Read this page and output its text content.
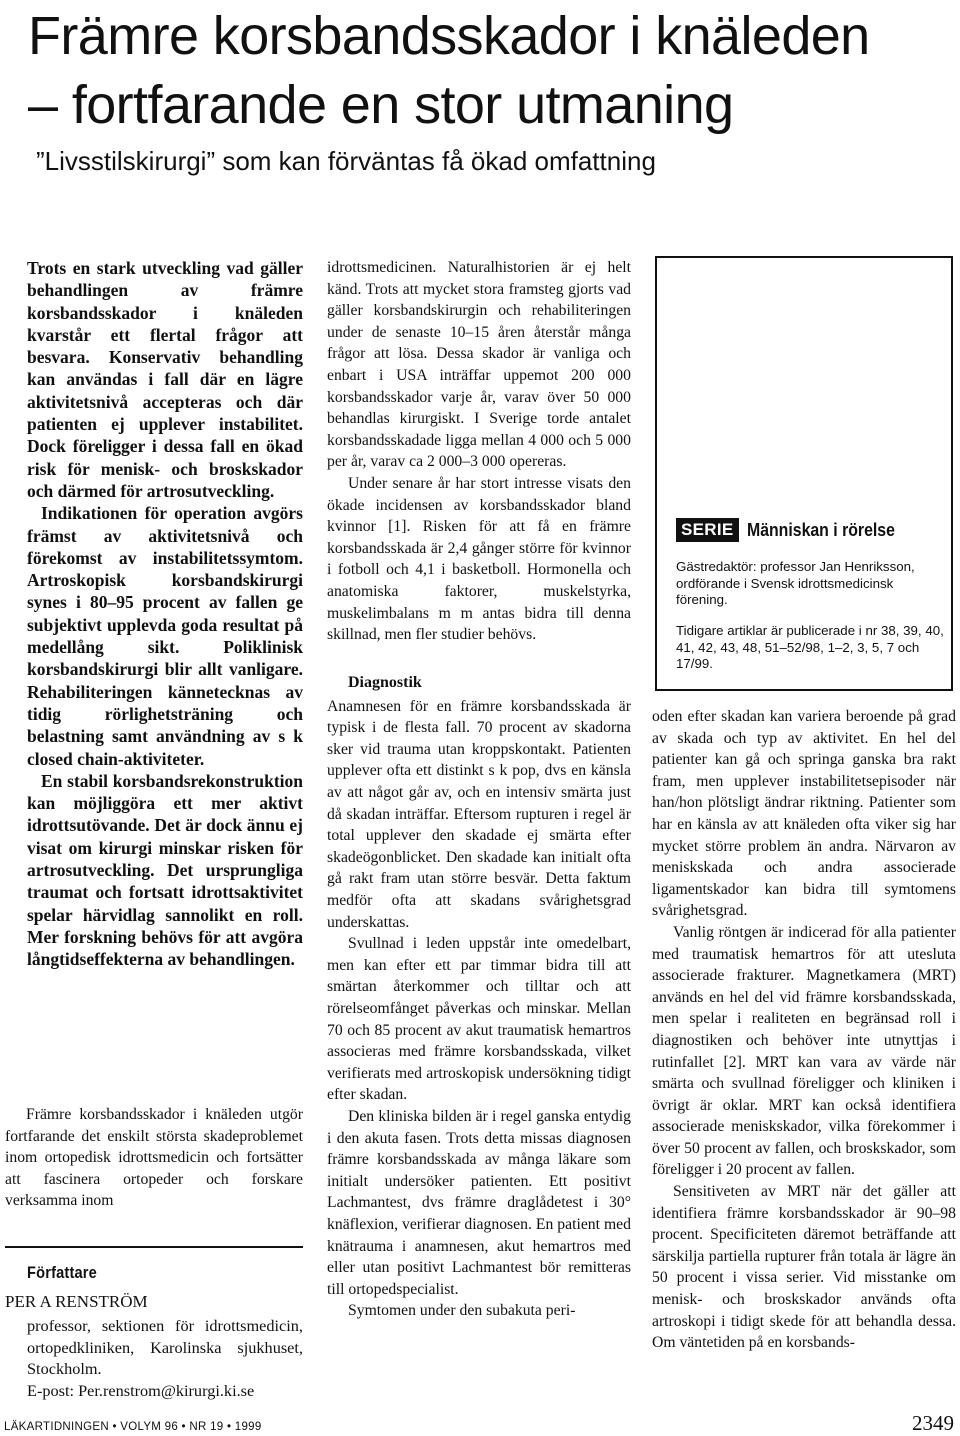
Främre korsbandsskador i knäleden
– fortfarande en stor utmaning
”Livsstilskirurgi” som kan förväntas få ökad omfattning

Trots en stark utveckling vad gäller behandlingen av främre korsbandsskador i knäleden kvarstår ett flertal frågor att besvara. Konservativ behandling kan användas i fall där en lägre aktivitetsnivå accepteras och där patienten ej upplever instabilitet. Dock föreligger i dessa fall en ökad risk för menisk- och broskskador och därmed för artrosutveckling.

Indikationen för operation avgörs främst av aktivitetsnivå och förekomst av instabilitetssymtom. Artroskopisk korsbandskirurgi synes i 80–95 procent av fallen ge subjektivt upplevda goda resultat på medellång sikt. Poliklinisk korsbandskirurgi blir allt vanligare. Rehabiliteringen kännetecknas av tidig rörlighetsträning och belastning samt användning av s k closed chain-aktiviteter.

En stabil korsbandsrekonstruktion kan möjliggöra ett mer aktivt idrottsutövande. Det är dock ännu ej visat om kirurgi minskar risken för artrosutveckling. Det ursprungliga traumat och fortsatt idrottsaktivitet spelar härvidlag sannolikt en roll. Mer forskning behövs för att avgöra långtidseffekterna av behandlingen.

Främre korsbandsskador i knäleden utgör fortfarande det enskilt största skadeproblemet inom ortopedisk idrottsmedicin och fortsätter att fascinera ortopeder och forskare verksamma inom

Författare
PER A RENSTRÖM
professor, sektionen för idrottsmedicin, ortopedkliniken, Karolinska sjukhuset, Stockholm.
E-post: Per.renstrom@kirurgi.ki.se

idrottsmedicinen. Naturalhistorien är ej helt känd. Trots att mycket stora framsteg gjorts vad gäller korsbandskirurgin och rehabiliteringen under de senaste 10–15 åren återstår många frågor att lösa. Dessa skador är vanliga och enbart i USA inträffar uppemot 200 000 korsbandsskador varje år, varav över 50 000 behandlas kirurgiskt. I Sverige torde antalet korsbandsskadade ligga mellan 4 000 och 5 000 per år, varav ca 2 000–3 000 opereras.

Under senare år har stort intresse visats den ökade incidensen av korsbandsskador bland kvinnor [1]. Risken för att få en främre korsbandsskada är 2,4 gånger större för kvinnor i fotboll och 4,1 i basketboll. Hormonella och anatomiska faktorer, muskelstyrka, muskelimbalans m m antas bidra till denna skillnad, men fler studier behövs.

Diagnostik

Anamnesen för en främre korsbandsskada är typisk i de flesta fall. 70 procent av skadorna sker vid trauma utan kroppskontakt. Patienten upplever ofta ett distinkt s k pop, dvs en känsla av att något går av, och en intensiv smärta just då skadan inträffar. Eftersom rupturen i regel är total upplever den skadade ej smärta efter skadeögonblicket. Den skadade kan initialt ofta gå rakt fram utan större besvär. Detta faktum medför ofta att skadans svårighetsgrad underskattas.

Svullnad i leden uppstår inte omedelbart, men kan efter ett par timmar bidra till att smärtan återkommer och tilltar och att rörelseomfånget påverkas och minskar. Mellan 70 och 85 procent av akut traumatisk hemartros associeras med främre korsbandsskada, vilket verifierats med artroskopisk undersökning tidigt efter skadan.

Den kliniska bilden är i regel ganska entydig i den akuta fasen. Trots detta missas diagnosen främre korsbandsskada av många läkare som initialt undersöker patienten. Ett positivt Lachmantest, dvs främre draglådetest i 30° knäflexion, verifierar diagnosen. En patient med knätrauma i anamnesen, akut hemartros med eller utan positivt Lachmantest bör remitteras till ortopedspecialist.

Symtomen under den subakuta peri-

SERIE Människan i rörelse
Gästredaktör: professor Jan Henriksson, ordförande i Svensk idrottsmedicinsk förening.
Tidigare artiklar är publicerade i nr 38, 39, 40, 41, 42, 43, 48, 51–52/98, 1–2, 3, 5, 7 och 17/99.

oden efter skadan kan variera beroende på grad av skada och typ av aktivitet. En hel del patienter kan gå och springa ganska bra rakt fram, men upplever instabilitetsepisoder när han/hon plötsligt ändrar riktning. Patienter som har en känsla av att knäleden ofta viker sig har mycket större problem än andra. Närvaron av meniskskada och andra associerade ligamentskador kan bidra till symtomens svårighetsgrad.

Vanlig röntgen är indicerad för alla patienter med traumatisk hemartros för att utesluta associerade frakturer. Magnetkamera (MRT) används en hel del vid främre korsbandsskada, men spelar i realiteten en begränsad roll i diagnostiken och behöver inte utnyttjas i rutinfallet [2]. MRT kan vara av värde när smärta och svullnad föreligger och kliniken i övrigt är oklar. MRT kan också identifiera associerade meniskskador, vilka förekommer i över 50 procent av fallen, och broskskador, som föreligger i 20 procent av fallen.

Sensitiveten av MRT när det gäller att identifiera främre korsbandsskador är 90–98 procent. Specificiteten däremot beträffande att särskilja partiella rupturer från totala är lägre än 50 procent i vissa serier. Vid misstanke om menisk- och broskskador används ofta artroskopi i tidigt skede för att behandla dessa. Om väntetiden på en korsbands-

LÄKARTIDNINGEN • VOLYM 96 • NR 19 • 1999	2349
